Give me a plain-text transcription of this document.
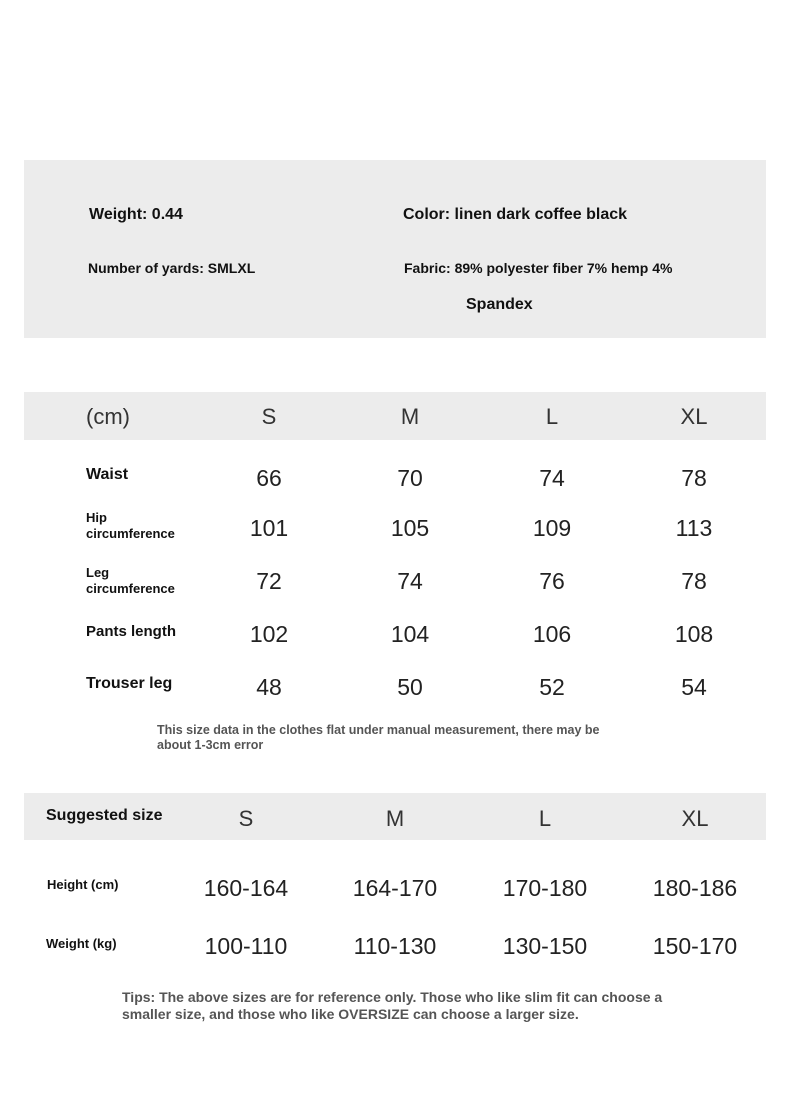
Weight: 0.44	Color: linen dark coffee black
Number of yards: SMLXL	Fabric: 89% polyester fiber 7% hemp 4%
Spandex
(cm)	S	M	L	XL
Waist	66	70	74	78
Hip
circumference	101	105	109	113
Leg
circumference	72	74	76	78
Pants length	102	104	106	108
Trouser leg	48	50	52	54
This size data in the clothes flat under manual measurement, there may be
about 1-3cm error
Suggested size	S	M	L	XL
Height (cm)	160-164	164-170	170-180	180-186
Weight (kg)	100-110	110-130	130-150	150-170
Tips: The above sizes are for reference only. Those who like slim fit can choose a
smaller size, and those who like OVERSIZE can choose a larger size.
